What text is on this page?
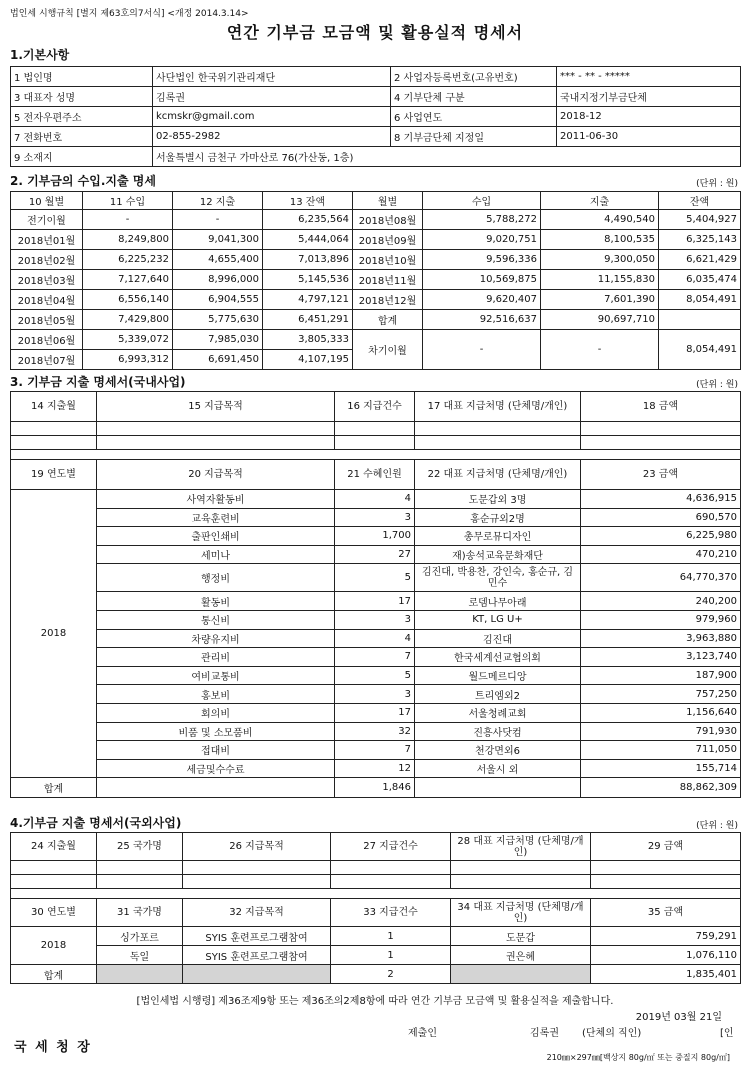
법인세 시행규칙 [별지 제63호의7서식] <개정 2014.3.14>
연간 기부금 모금액 및 활용실적 명세서
1.기본사항
1 법인명	사단법인 한국위기관리재단	2 사업자등록번호(고유번호)	*** - ** - *****
3 대표자 성명	김록권	4 기부단체 구분	국내지정기부금단체
5 전자우편주소	kcmskr@gmail.com	6 사업연도	2018-12
7 전화번호	02-855-2982	8 기부금단체 지정일	2011-06-30
9 소재지	서울특별시 금천구 가마산로 76(가산동, 1층)		
2. 기부금의 수입.지출 명세	(단위 : 원)
10 월별	11 수입	12 지출	13 잔액	월별	수입	지출	잔액
전기이월	-	-	6,235,564	2018년08월	5,788,272	4,490,540	5,404,927
2018년01월	8,249,800	9,041,300	5,444,064	2018년09월	9,020,751	8,100,535	6,325,143
2018년02월	6,225,232	4,655,400	7,013,896	2018년10월	9,596,336	9,300,050	6,621,429
2018년03월	7,127,640	8,996,000	5,145,536	2018년11월	10,569,875	11,155,830	6,035,474
2018년04월	6,556,140	6,904,555	4,797,121	2018년12월	9,620,407	7,601,390	8,054,491
2018년05월	7,429,800	5,775,630	6,451,291	합계	92,516,637	90,697,710	
2018년06월	5,339,072	7,985,030	3,805,333	차기이월	-	-	8,054,491
2018년07월	6,993,312	6,691,450	4,107,195				
3. 기부금 지출 명세서(국내사업)	(단위 : 원)
14 지출월	15 지급목적	16 지급건수	17 대표 지급처명 (단체명/개인)	18 금액

19 연도별	20 지급목적	21 수혜인원	22 대표 지급처명 (단체명/개인)	23 금액
2018	사역자활동비	4	도문갑외 3명	4,636,915
	교육훈련비	3	홍순규외2명	690,570
	출판인쇄비	1,700	총무로뮤디자인	6,225,980
	세미나	27	재)송석교육문화재단	470,210
	행정비	5	김진대, 박용찬, 강인숙, 홍순규, 김민수	64,770,370
	활동비	17	로뎀나무아래	240,200
	통신비	3	KT, LG U+	979,960
	차량유지비	4	김진대	3,963,880
	관리비	7	한국세계선교협의회	3,123,740
	여비교통비	5	월드메르디앙	187,900
	홍보비	3	트리엠외2	757,250
	회의비	17	서울청례교회	1,156,640
	비품 및 소모품비	32	진흥사닷컴	791,930
	접대비	7	천강면외6	711,050
	세금및수수료	12	서울시 외	155,714
합계		1,846		88,862,309
4.기부금 지출 명세서(국외사업)	(단위 : 원)
24 지출월	25 국가명	26 지급목적	27 지급건수	28 대표 지급처명 (단체명/개인)	29 금액

30 연도별	31 국가명	32 지급목적	33 지급건수	34 대표 지급처명 (단체명/개인)	35 금액
2018	싱가포르	SYIS 훈련프로그램참여	1	도문갑	759,291
	독일	SYIS 훈련프로그램참여	1	권은혜	1,076,110
합계			2		1,835,401
[법인세법 시행령] 제36조제9항 또는 제36조의2제8항에 따라 연간 기부금 모금액 및 활용실적을 제출합니다.
2019년 03월 21일
제출인	김록권 (단체의 직인)	[인
국 세 청 장
210㎜×297㎜[백상지 80g/㎡ 또는 중질지 80g/㎡]
